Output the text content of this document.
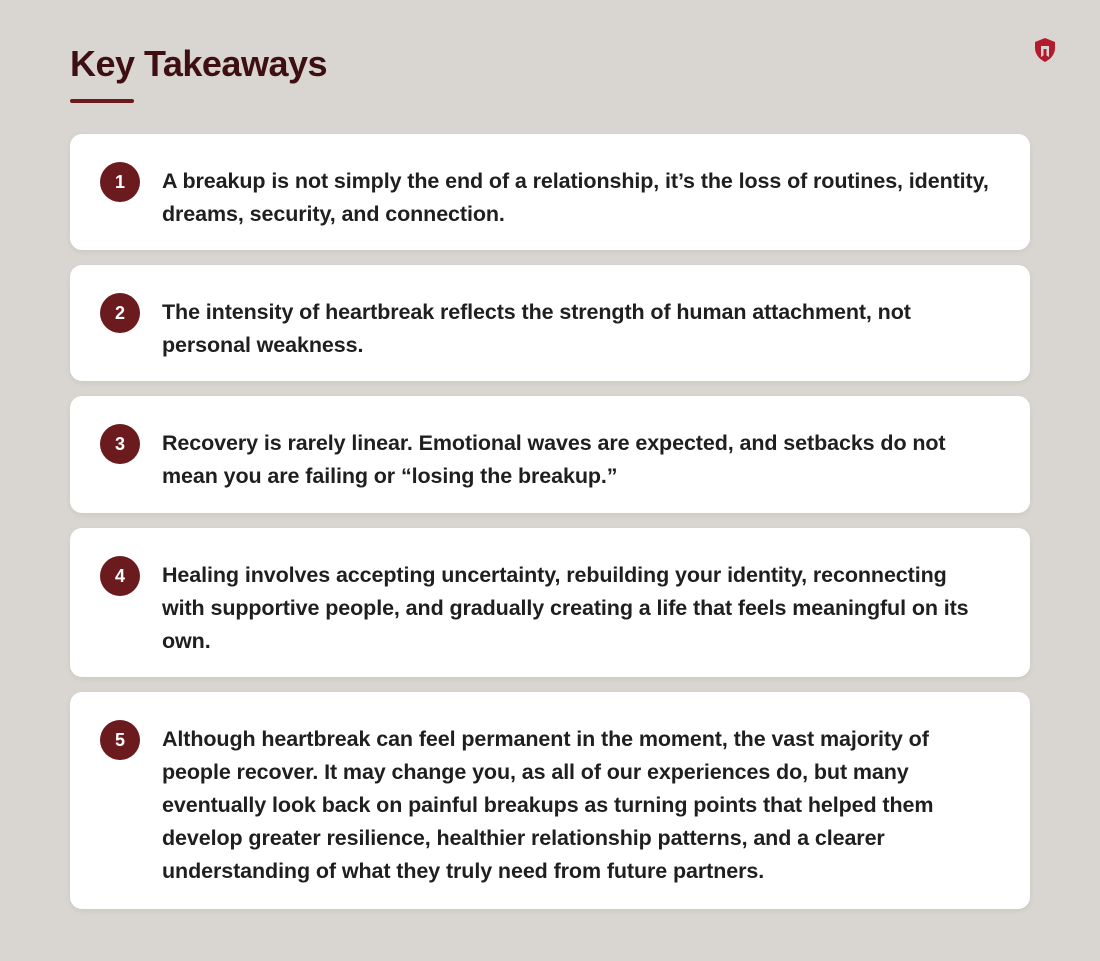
Key Takeaways
1	A breakup is not simply the end of a relationship, it’s the loss of routines, identity, dreams, security, and connection.

2	The intensity of heartbreak reflects the strength of human attachment, not personal weakness.

3	Recovery is rarely linear. Emotional waves are expected, and setbacks do not mean you are failing or “losing the breakup.”

4	Healing involves accepting uncertainty, rebuilding your identity, reconnecting with supportive people, and gradually creating a life that feels meaningful on its own.

5	Although heartbreak can feel permanent in the moment, the vast majority of people recover. It may change you, as all of our experiences do, but many eventually look back on painful breakups as turning points that helped them develop greater resilience, healthier relationship patterns, and a clearer understanding of what they truly need from future partners.
